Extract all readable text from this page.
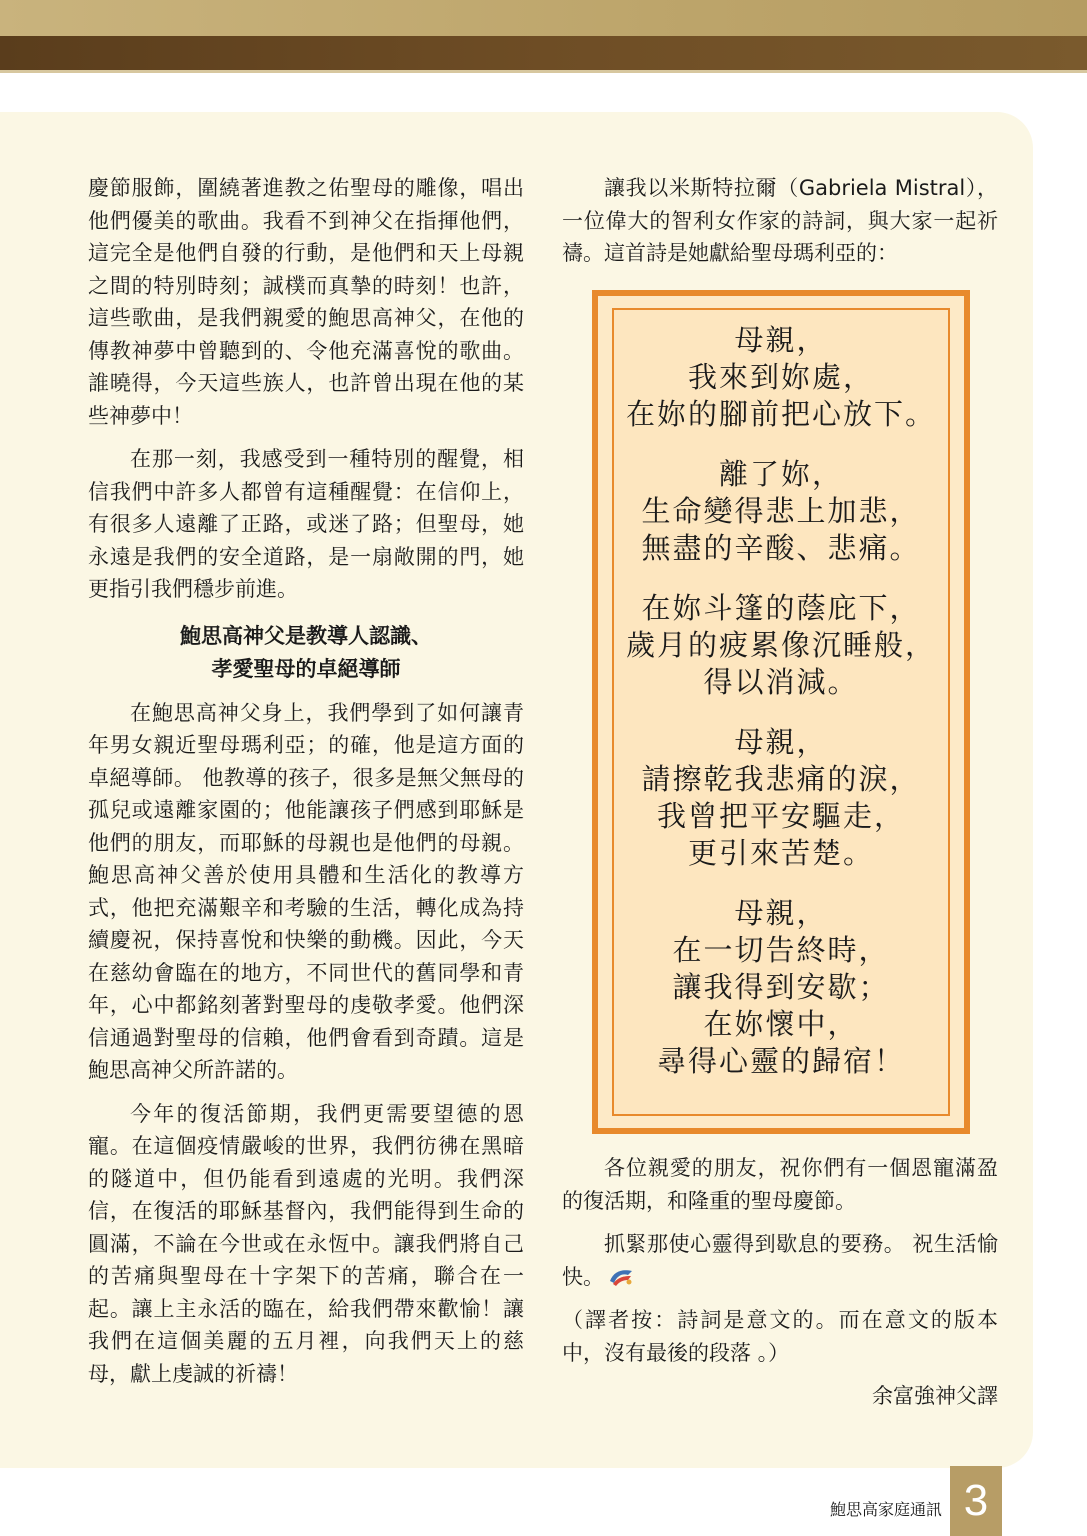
慶節服飾，圍繞著進教之佑聖母的雕像，唱出他們優美的歌曲。我看不到神父在指揮他們，這完全是他們自發的行動，是他們和天上母親之間的特別時刻；誠樸而真摯的時刻！也許，這些歌曲，是我們親愛的鮑思高神父，在他的傳教神夢中曾聽到的、令他充滿喜悅的歌曲。 誰曉得，今天這些族人，也許曾出現在他的某些神夢中！

在那一刻，我感受到一種特別的醒覺，相信我們中許多人都曾有這種醒覺：在信仰上，有很多人遠離了正路，或迷了路；但聖母，她永遠是我們的安全道路，是一扇敞開的門，她更指引我們穩步前進。

鮑思高神父是教導人認識、
孝愛聖母的卓絕導師

在鮑思高神父身上，我們學到了如何讓青年男女親近聖母瑪利亞；的確，他是這方面的卓絕導師。 他教導的孩子，很多是無父無母的孤兒或遠離家園的；他能讓孩子們感到耶穌是他們的朋友，而耶穌的母親也是他們的母親。鮑思高神父善於使用具體和生活化的教導方式，他把充滿艱辛和考驗的生活，轉化成為持續慶祝，保持喜悅和快樂的動機。因此，今天在慈幼會臨在的地方，不同世代的舊同學和青年，心中都銘刻著對聖母的虔敬孝愛。他們深信通過對聖母的信賴，他們會看到奇蹟。這是鮑思高神父所許諾的。

今年的復活節期，我們更需要望德的恩寵。在這個疫情嚴峻的世界，我們彷彿在黑暗的隧道中，但仍能看到遠處的光明。我們深信，在復活的耶穌基督內，我們能得到生命的圓滿，不論在今世或在永恆中。讓我們將自己的苦痛與聖母在十字架下的苦痛，聯合在一起。讓上主永活的臨在，給我們帶來歡愉！讓我們在這個美麗的五月裡，向我們天上的慈母，獻上虔誠的祈禱！

讓我以米斯特拉爾（Gabriela Mistral），一位偉大的智利女作家的詩詞，與大家一起祈禱。這首詩是她獻給聖母瑪利亞的：

母親，
我來到妳處，
在妳的腳前把心放下。
離了妳，
生命變得悲上加悲，
無盡的辛酸、悲痛。
在妳斗篷的蔭庇下，
歲月的疲累像沉睡般，
得以消減。
母親，
請擦乾我悲痛的淚，
我曾把平安驅走，
更引來苦楚。
母親，
在一切告終時，
讓我得到安歇；
在妳懷中，
尋得心靈的歸宿！

各位親愛的朋友，祝你們有一個恩寵滿盈的復活期，和隆重的聖母慶節。

抓緊那使心靈得到歇息的要務。 祝生活愉快。

（譯者按：詩詞是意文的。而在意文的版本中，沒有最後的段落 。）

余富強神父譯

鮑思高家庭通訊 3
